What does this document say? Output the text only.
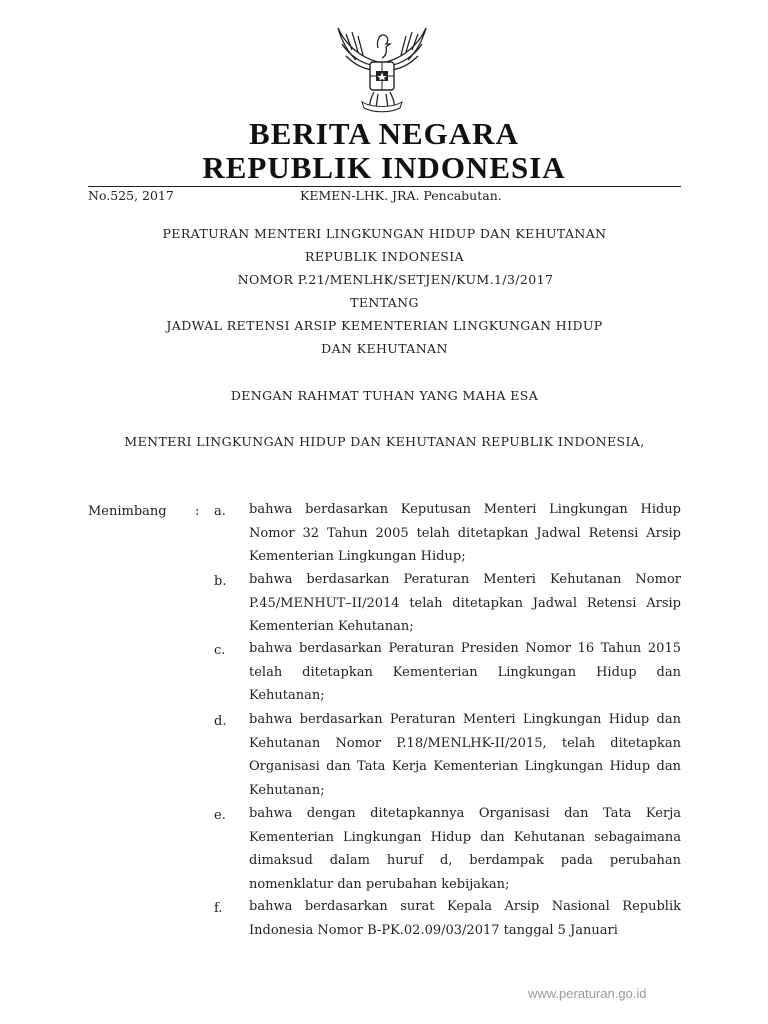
BERITA NEGARA
REPUBLIK INDONESIA
No.525, 2017	KEMEN-LHK. JRA. Pencabutan.
PERATURAN MENTERI LINGKUNGAN HIDUP DAN KEHUTANAN
REPUBLIK INDONESIA
NOMOR P.21/MENLHK/SETJEN/KUM.1/3/2017
TENTANG
JADWAL RETENSI ARSIP KEMENTERIAN LINGKUNGAN HIDUP
DAN KEHUTANAN
DENGAN RAHMAT TUHAN YANG MAHA ESA
MENTERI LINGKUNGAN HIDUP DAN KEHUTANAN REPUBLIK INDONESIA,
Menimbang : a. bahwa berdasarkan Keputusan Menteri Lingkungan Hidup Nomor 32 Tahun 2005 telah ditetapkan Jadwal Retensi Arsip Kementerian Lingkungan Hidup;
b. bahwa berdasarkan Peraturan Menteri Kehutanan Nomor P.45/MENHUT–II/2014 telah ditetapkan Jadwal Retensi Arsip Kementerian Kehutanan;
c. bahwa berdasarkan Peraturan Presiden Nomor 16 Tahun 2015 telah ditetapkan Kementerian Lingkungan Hidup dan Kehutanan;
d. bahwa berdasarkan Peraturan Menteri Lingkungan Hidup dan Kehutanan Nomor P.18/MENLHK-II/2015, telah ditetapkan Organisasi dan Tata Kerja Kementerian Lingkungan Hidup dan Kehutanan;
e. bahwa dengan ditetapkannya Organisasi dan Tata Kerja Kementerian Lingkungan Hidup dan Kehutanan sebagaimana dimaksud dalam huruf d, berdampak pada perubahan nomenklatur dan perubahan kebijakan;
f. bahwa berdasarkan surat Kepala Arsip Nasional Republik Indonesia Nomor B-PK.02.09/03/2017 tanggal 5 Januari
www.peraturan.go.id
